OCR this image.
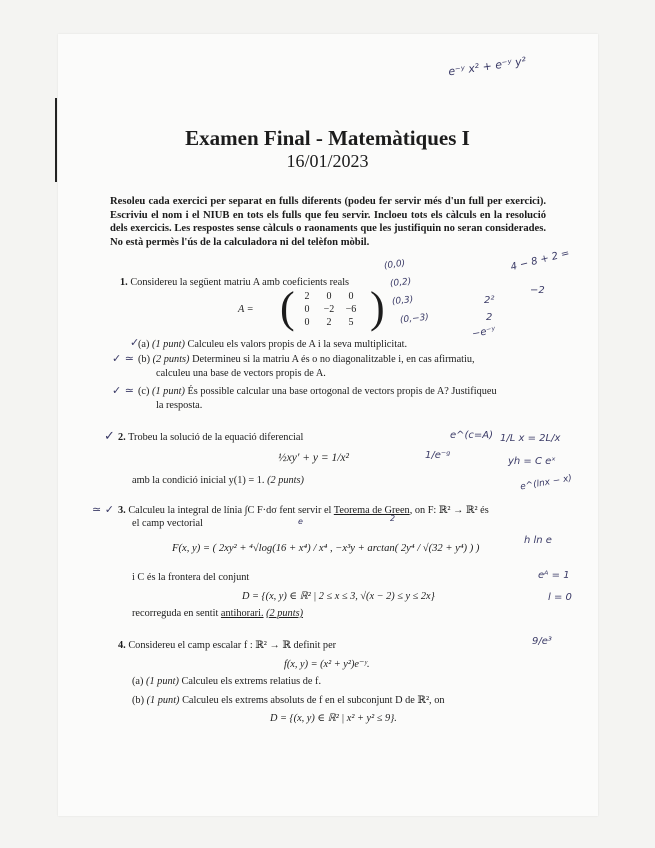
Examen Final - Matemàtiques I
16/01/2023
Resoleu cada exercici per separat en fulls diferents (podeu fer servir més d'un full per exercici). Escriviu el nom i el NIUB en tots els fulls que feu servir. Incloeu tots els càlculs en la resolució dels exercicis. Les respostes sense càlculs o raonaments que les justifiquin no seran considerades. No està permès l'ús de la calculadora ni del telèfon mòbil.
1. Considereu la següent matriu A amb coeficients reals
A = ( 2	0	0
0	−2	−6
0	2	5 )
(a) (1 punt) Calculeu els valors propis de A i la seva multiplicitat.
(b) (2 punts) Determineu si la matriu A és o no diagonalitzable i, en cas afirmatiu,
calculeu una base de vectors propis de A.
(c) (1 punt) És possible calcular una base ortogonal de vectors propis de A? Justifiqueu
la resposta.
2. Trobeu la solució de la equació diferencial
½xy′ + y = 1/x²
amb la condició inicial y(1) = 1. (2 punts)
3. Calculeu la integral de línia ∫C F·dσ fent servir el Teorema de Green, on F: ℝ² → ℝ² és
el camp vectorial
F(x, y) = ( 2xy² + ⁴√log(16 + x⁴) / x⁴ , −x³y + arctan( 2y⁴ / √(32 + y⁴) ) )
i C és la frontera del conjunt
D = {(x, y) ∈ ℝ² | 2 ≤ x ≤ 3, √(x − 2) ≤ y ≤ 2x}
recorreguda en sentit antihorari. (2 punts)
4. Considereu el camp escalar f : ℝ² → ℝ definit per
f(x, y) = (x² + y²)e⁻ʸ.
(a) (1 punt) Calculeu els extrems relatius de f.
(b) (1 punt) Calculeu els extrems absoluts de f en el subconjunt D de ℝ², on
D = {(x, y) ∈ ℝ² | x² + y² ≤ 9}.
e⁻ʸ x² + e⁻ʸ y²
(0,0)
(0,2)
(0,3)
(0,−3)
4 − 8 + 2 =
−2
2²
2
−e⁻ʸ
1/e⁻ᵍ
e^(c=A) 1/L x = 2L/x
yh = C eˣ
e^(lnx − x)
e	2
h ln e
eᴬ = 1
l = 0
9/e³
✓
✓ ≃
✓ ≃
✓
≃ ✓
